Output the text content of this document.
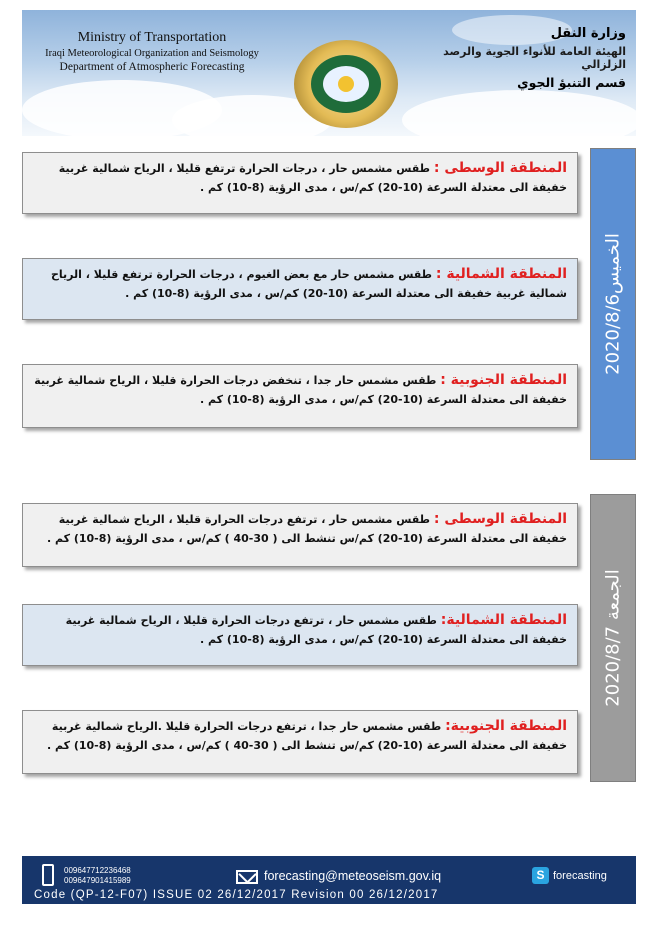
Ministry of Transportation
Iraqi Meteorological Organization and Seismology
Department of Atmospheric Forecasting
وزارة النقل
الهيئة العامة للأنواء الجوية والرصد الزلزالي
قسم التنبؤ الجوي
الخميس2020/8/6
المنطقة الوسطى : طقس مشمس حار ، درجات الحرارة ترتفع قليلا ، الرياح شمالية غربية خفيفة الى معتدلة السرعة (10-20) كم/س ، مدى الرؤية (8-10) كم .
المنطقة الشمالية : طقس مشمس حار مع بعض الغيوم ، درجات الحرارة ترتفع قليلا ، الرياح شمالية غربية خفيفة الى معتدلة السرعة (10-20) كم/س ، مدى الرؤية (8-10) كم .
المنطقة الجنوبية : طقس مشمس حار جدا ، تنخفض درجات الحرارة قليلا ، الرياح شمالية غربية خفيفة الى معتدلة السرعة (10-20) كم/س ، مدى الرؤية (8-10) كم .
الجمعة 2020/8/7
المنطقة الوسطى : طقس مشمس حار ، ترتفع درجات الحرارة قليلا ، الرياح شمالية غربية خفيفة الى معتدلة السرعة (10-20) كم/س تنشط الى ( 30-40 ) كم/س ، مدى الرؤية (8-10) كم .
المنطقة الشمالية: طقس مشمس حار ، ترتفع درجات الحرارة قليلا ، الرياح شمالية غربية خفيفة الى معتدلة السرعة (10-20) كم/س ، مدى الرؤية (8-10) كم .
المنطقة الجنوبية: طقس مشمس حار جدا ، ترتفع درجات الحرارة قليلا .الرياح شمالية غربية خفيفة الى معتدلة السرعة (10-20) كم/س تنشط الى ( 30-40 ) كم/س ، مدى الرؤية (8-10) كم .
009647712236468
009647901415989	forecasting@meteoseism.gov.iq	S forecasting
Code (QP-12-F07) ISSUE 02 26/12/2017 Revision 00 26/12/2017
